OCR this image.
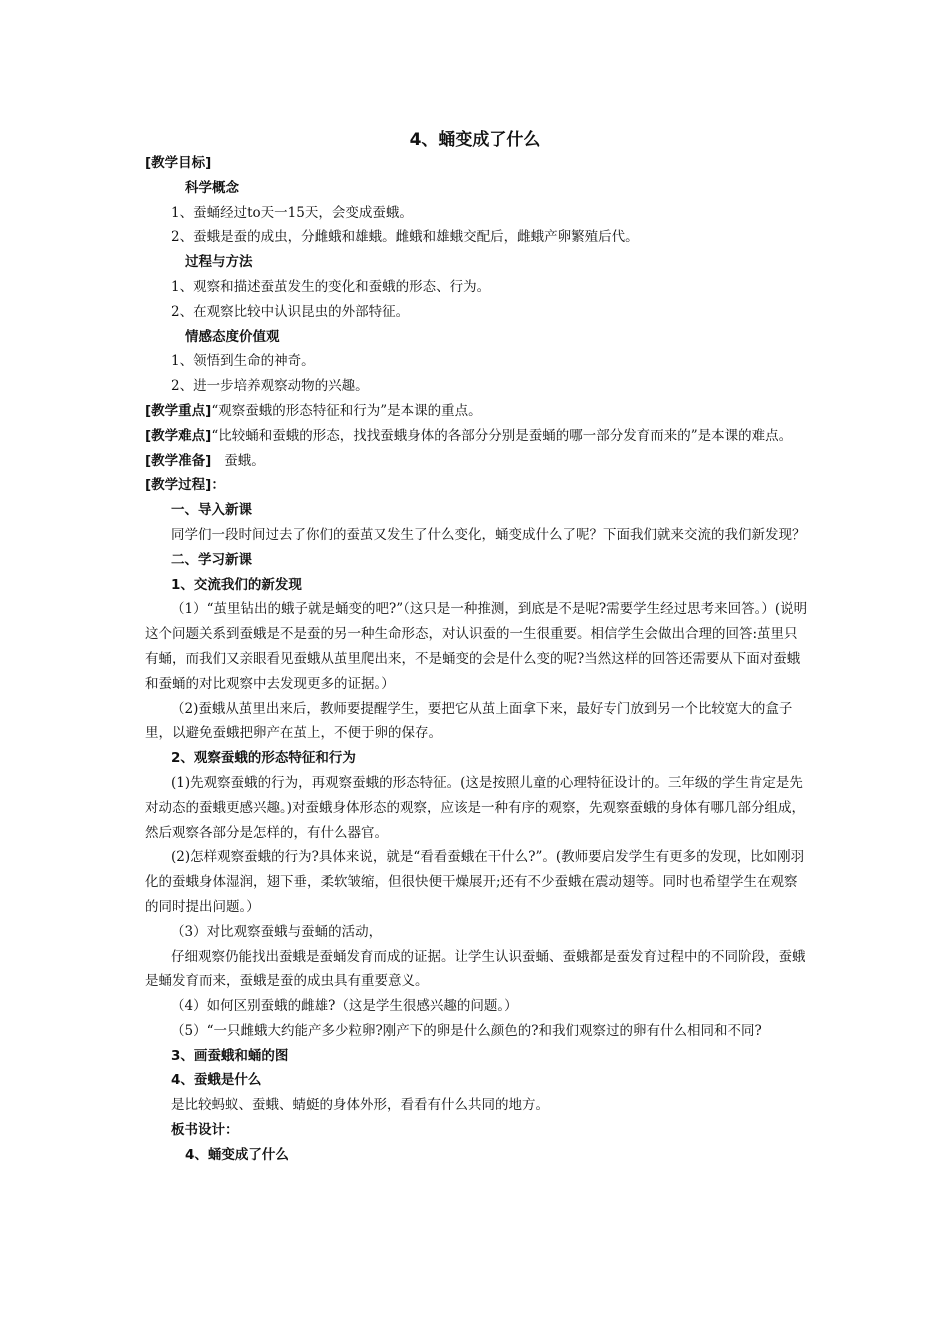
4、蛹变成了什么

[教学目标]

科学概念

1、蚕蛹经过to天一15天，会变成蚕蛾。

2、蚕蛾是蚕的成虫，分雌蛾和雄蛾。雌蛾和雄蛾交配后，雌蛾产卵繁殖后代。

过程与方法

1、观察和描述蚕茧发生的变化和蚕蛾的形态、行为。

2、在观察比较中认识昆虫的外部特征。

情感态度价值观

1、领悟到生命的神奇。

2、进一步培养观察动物的兴趣。

[教学重点]“观察蚕蛾的形态特征和行为”是本课的重点。

[教学难点]“比较蛹和蚕蛾的形态，找找蚕蛾身体的各部分分别是蚕蛹的哪一部分发育而来的”是本课的难点。

[教学准备]   蚕蛾。

[教学过程]：

一、导入新课

同学们一段时间过去了你们的蚕茧又发生了什么变化，蛹变成什么了呢？下面我们就来交流的我们新发现？

二、学习新课

1、交流我们的新发现

（1）“茧里钻出的蛾子就是蛹变的吧?”（这只是一种推测，到底是不是呢?需要学生经过思考来回答。）(说明这个问题关系到蚕蛾是不是蚕的另一种生命形态，对认识蚕的一生很重要。相信学生会做出合理的回答:茧里只有蛹，而我们又亲眼看见蚕蛾从茧里爬出来，不是蛹变的会是什么变的呢?当然这样的回答还需要从下面对蚕蛾和蚕蛹的对比观察中去发现更多的证据。）

（2)蚕蛾从茧里出来后，教师要提醒学生，要把它从茧上面拿下来，最好专门放到另一个比较宽大的盒子里，以避免蚕蛾把卵产在茧上，不便于卵的保存。

2、观察蚕蛾的形态特征和行为

(1)先观察蚕蛾的行为，再观察蚕蛾的形态特征。(这是按照儿童的心理特征设计的。三年级的学生肯定是先对动态的蚕蛾更感兴趣。)对蚕蛾身体形态的观察，应该是一种有序的观察，先观察蚕蛾的身体有哪几部分组成，然后观察各部分是怎样的，有什么器官。

(2)怎样观察蚕蛾的行为?具体来说，就是“看看蚕蛾在干什么?”。(教师要启发学生有更多的发现，比如刚羽化的蚕蛾身体湿润，翅下垂，柔软皱缩，但很快便干燥展开;还有不少蚕蛾在震动翅等。同时也希望学生在观察的同时提出问题。）

（3）对比观察蚕蛾与蚕蛹的活动，

仔细观察仍能找出蚕蛾是蚕蛹发育而成的证据。让学生认识蚕蛹、蚕蛾都是蚕发育过程中的不同阶段，蚕蛾是蛹发育而来，蚕蛾是蚕的成虫具有重要意义。

（4）如何区别蚕蛾的雌雄?（这是学生很感兴趣的问题。）

（5）“一只雌蛾大约能产多少粒卵?刚产下的卵是什么颜色的?和我们观察过的卵有什么相同和不同?

3、画蚕蛾和蛹的图

4、蚕蛾是什么

是比较蚂蚁、蚕蛾、蜻蜓的身体外形，看看有什么共同的地方。

板书设计：

4、蛹变成了什么
